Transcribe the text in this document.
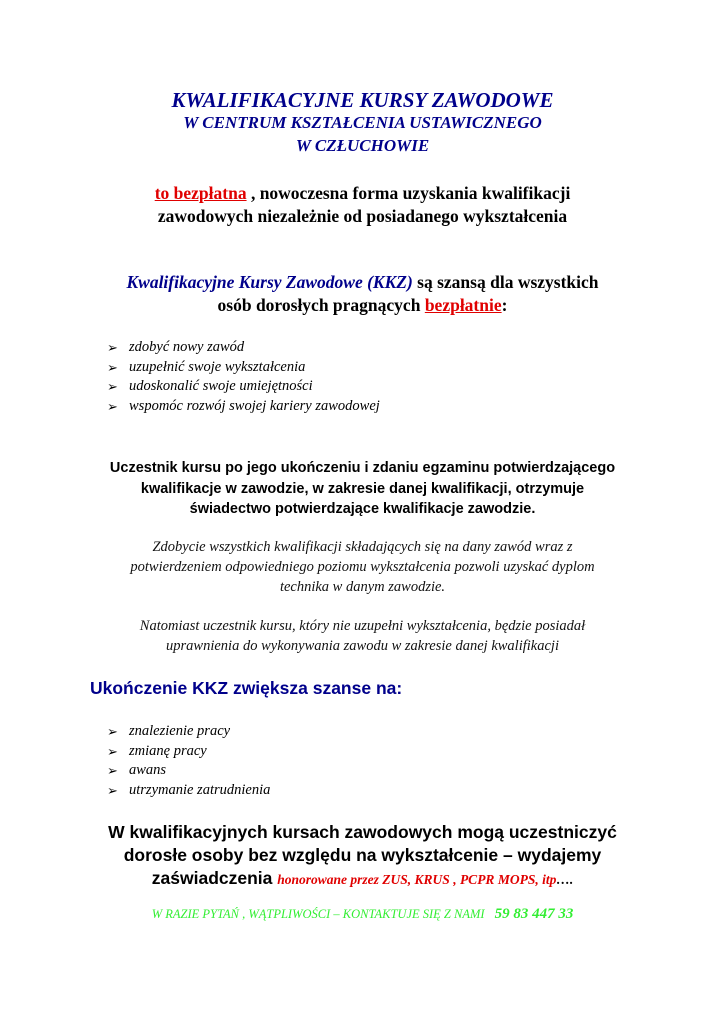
KWALIFIKACYJNE KURSY ZAWODOWE
W CENTRUM KSZTAŁCENIA USTAWICZNEGO
W CZŁUCHOWIE
to bezpłatna , nowoczesna forma uzyskania kwalifikacji
zawodowych niezależnie od posiadanego wykształcenia
Kwalifikacyjne Kursy Zawodowe (KKZ) są szansą dla wszystkich
osób dorosłych pragnących bezpłatnie:
➢ zdobyć nowy zawód
➢ uzupełnić swoje wykształcenia
➢ udoskonalić swoje umiejętności
➢ wspomóc rozwój swojej kariery zawodowej
Uczestnik kursu po jego ukończeniu i zdaniu egzaminu potwierdzającego
kwalifikacje w zawodzie, w zakresie danej kwalifikacji, otrzymuje
świadectwo potwierdzające kwalifikacje zawodzie.
Zdobycie wszystkich kwalifikacji składających się na dany zawód wraz z
potwierdzeniem odpowiedniego poziomu wykształcenia pozwoli uzyskać dyplom
technika w danym zawodzie.
Natomiast uczestnik kursu, który nie uzupełni wykształcenia, będzie posiadał
uprawnienia do wykonywania zawodu w zakresie danej kwalifikacji
Ukończenie KKZ zwiększa szanse na:
➢ znalezienie pracy
➢ zmianę pracy
➢ awans
➢ utrzymanie zatrudnienia
W kwalifikacyjnych kursach zawodowych mogą uczestniczyć
dorosłe osoby bez względu na wykształcenie – wydajemy
zaświadczenia honorowane przez ZUS, KRUS , PCPR MOPS, itp….
W RAZIE PYTAŃ , WĄTPLIWOŚCI – KONTAKTUJE SIĘ Z NAMI 59 83 447 33
